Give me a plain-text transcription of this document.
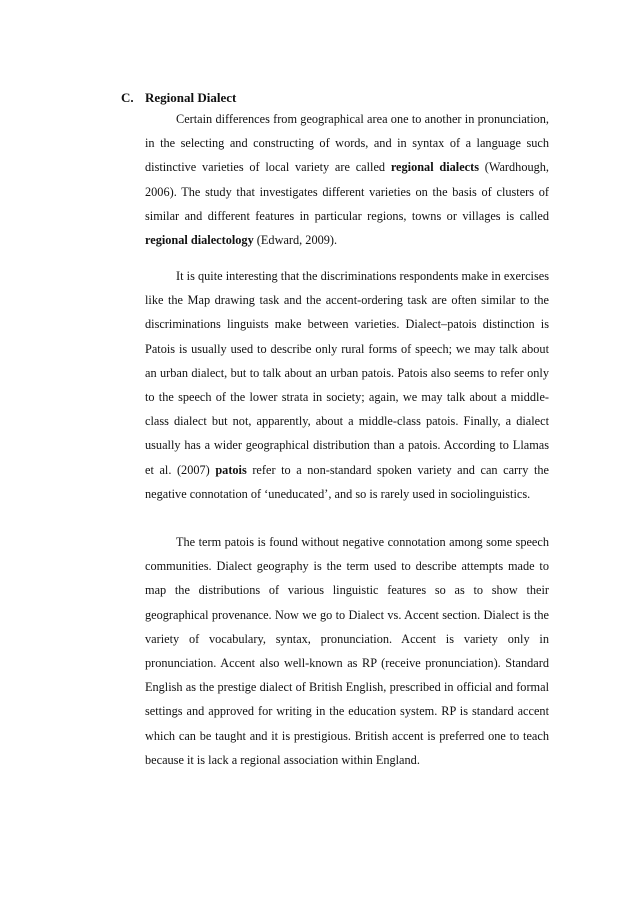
C. Regional Dialect

Certain differences from geographical area one to another in pronunciation, in the selecting and constructing of words, and in syntax of a language such distinctive varieties of local variety are called regional dialects (Wardhough, 2006). The study that investigates different varieties on the basis of clusters of similar and different features in particular regions, towns or villages is called regional dialectology (Edward, 2009).

It is quite interesting that the discriminations respondents make in exercises like the Map drawing task and the accent-ordering task are often similar to the discriminations linguists make between varieties. Dialect–patois distinction is Patois is usually used to describe only rural forms of speech; we may talk about an urban dialect, but to talk about an urban patois. Patois also seems to refer only to the speech of the lower strata in society; again, we may talk about a middle-class dialect but not, apparently, about a middle-class patois. Finally, a dialect usually has a wider geographical distribution than a patois. According to Llamas et al. (2007) patois refer to a non-standard spoken variety and can carry the negative connotation of ‘uneducated’, and so is rarely used in sociolinguistics.

The term patois is found without negative connotation among some speech communities. Dialect geography is the term used to describe attempts made to map the distributions of various linguistic features so as to show their geographical provenance. Now we go to Dialect vs. Accent section. Dialect is the variety of vocabulary, syntax, pronunciation. Accent is variety only in pronunciation. Accent also well-known as RP (receive pronunciation). Standard English as the prestige dialect of British English, prescribed in official and formal settings and approved for writing in the education system. RP is standard accent which can be taught and it is prestigious. British accent is preferred one to teach because it is lack a regional association within England.
